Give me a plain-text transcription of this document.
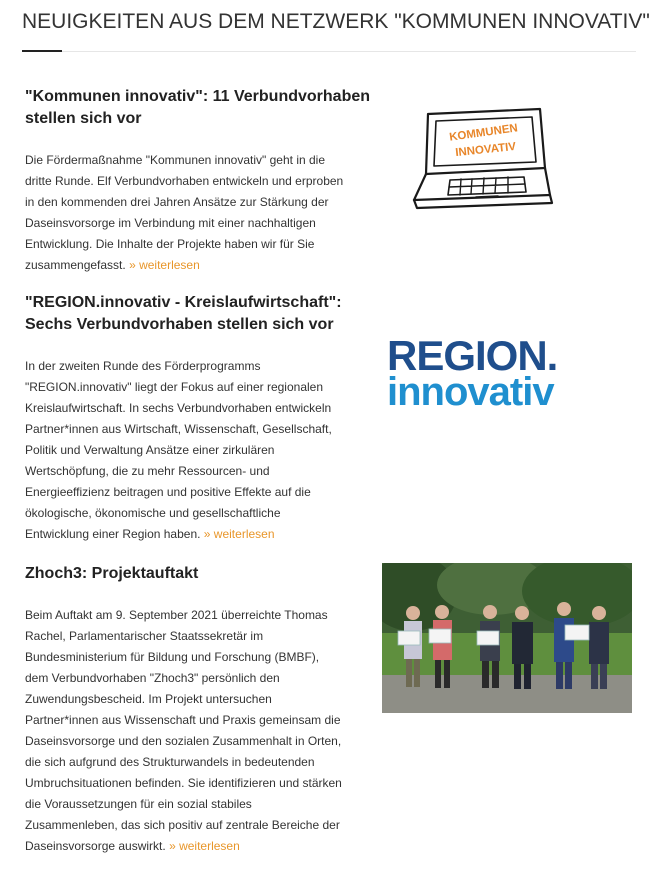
NEUIGKEITEN AUS DEM NETZWERK "KOMMUNEN INNOVATIV"
"Kommunen innovativ": 11 Verbundvorhaben
stellen sich vor

Die Fördermaßnahme "Kommunen innovativ" geht in die
dritte Runde. Elf Verbundvorhaben entwickeln und erproben
in den kommenden drei Jahren Ansätze zur Stärkung der
Daseinsvorsorge im Verbindung mit einer nachhaltigen
Entwicklung. Die Inhalte der Projekte haben wir für Sie
zusammengefasst. » weiterlesen

KOMMUNEN
INNOVATIV
"REGION.innovativ - Kreislaufwirtschaft":
Sechs Verbundvorhaben stellen sich vor

In der zweiten Runde des Förderprogramms
"REGION.innovativ" liegt der Fokus auf einer regionalen
Kreislaufwirtschaft. In sechs Verbundvorhaben entwickeln
Partner*innen aus Wirtschaft, Wissenschaft, Gesellschaft,
Politik und Verwaltung Ansätze einer zirkulären
Wertschöpfung, die zu mehr Ressourcen- und
Energieeffizienz beitragen und positive Effekte auf die
ökologische, ökonomische und gesellschaftliche
Entwicklung einer Region haben. » weiterlesen

REGION.
innovativ
Zhoch3: Projektauftakt

Beim Auftakt am 9. September 2021 überreichte Thomas
Rachel, Parlamentarischer Staatssekretär im
Bundesministerium für Bildung und Forschung (BMBF),
dem Verbundvorhaben "Zhoch3" persönlich den
Zuwendungsbescheid. Im Projekt untersuchen
Partner*innen aus Wissenschaft und Praxis gemeinsam die
Daseinsvorsorge und den sozialen Zusammenhalt in Orten,
die sich aufgrund des Strukturwandels in bedeutenden
Umbruchsituationen befinden. Sie identifizieren und stärken
die Voraussetzungen für ein sozial stabiles
Zusammenleben, das sich positiv auf zentrale Bereiche der
Daseinsvorsorge auswirkt. » weiterlesen
